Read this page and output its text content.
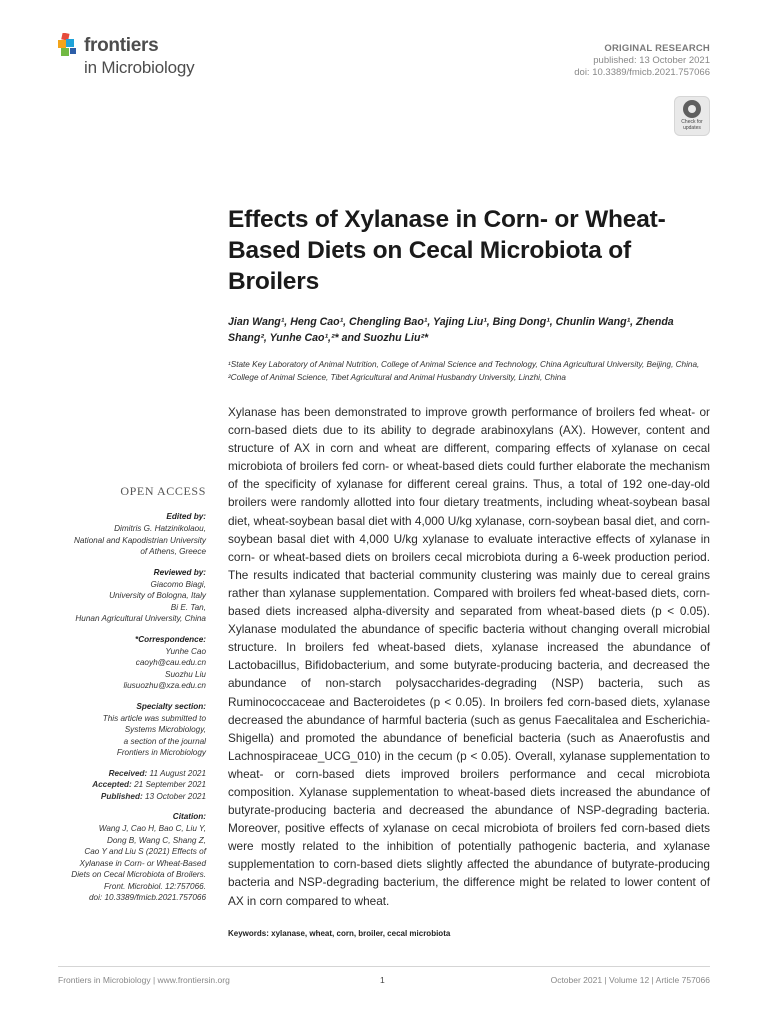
frontiers
in Microbiology
ORIGINAL RESEARCH
published: 13 October 2021
doi: 10.3389/fmicb.2021.757066
Check for
updates
Effects of Xylanase in Corn- or Wheat-Based Diets on Cecal Microbiota of Broilers
Jian Wang¹, Heng Cao¹, Chengling Bao¹, Yajing Liu¹, Bing Dong¹, Chunlin Wang¹, Zhenda Shang², Yunhe Cao¹,²* and Suozhu Liu²*
¹State Key Laboratory of Animal Nutrition, College of Animal Science and Technology, China Agricultural University, Beijing, China, ²College of Animal Science, Tibet Agricultural and Animal Husbandry University, Linzhi, China

Xylanase has been demonstrated to improve growth performance of broilers fed wheat- or corn-based diets due to its ability to degrade arabinoxylans (AX). However, content and structure of AX in corn and wheat are different, comparing effects of xylanase on cecal microbiota of broilers fed corn- or wheat-based diets could further elaborate the mechanism of the specificity of xylanase for different cereal grains. Thus, a total of 192 one-day-old broilers were randomly allotted into four dietary treatments, including wheat-soybean basal diet, wheat-soybean basal diet with 4,000 U/kg xylanase, corn-soybean basal diet, and corn-soybean basal diet with 4,000 U/kg xylanase to evaluate interactive effects of xylanase in corn- or wheat-based diets on broilers cecal microbiota during a 6-week production period. The results indicated that bacterial community clustering was mainly due to cereal grains rather than xylanase supplementation. Compared with broilers fed wheat-based diets, corn-based diets increased alpha-diversity and separated from wheat-based diets (p < 0.05). Xylanase modulated the abundance of specific bacteria without changing overall microbial structure. In broilers fed wheat-based diets, xylanase increased the abundance of Lactobacillus, Bifidobacterium, and some butyrate-producing bacteria, and decreased the abundance of non-starch polysaccharides-degrading (NSP) bacteria, such as Ruminococcaceae and Bacteroidetes (p < 0.05). In broilers fed corn-based diets, xylanase decreased the abundance of harmful bacteria (such as genus Faecalitalea and Escherichia-Shigella) and promoted the abundance of beneficial bacteria (such as Anaerofustis and Lachnospiraceae_UCG_010) in the cecum (p < 0.05). Overall, xylanase supplementation to wheat- or corn-based diets improved broilers performance and cecal microbiota composition. Xylanase supplementation to wheat-based diets increased the abundance of butyrate-producing bacteria and decreased the abundance of NSP-degrading bacteria. Moreover, positive effects of xylanase on cecal microbiota of broilers fed corn-based diets were mostly related to the inhibition of potentially pathogenic bacteria, and xylanase supplementation to corn-based diets slightly affected the abundance of butyrate-producing bacteria and NSP-degrading bacterium, the difference might be related to lower content of AX in corn compared to wheat.

Keywords: xylanase, wheat, corn, broiler, cecal microbiota
OPEN ACCESS
Edited by:
Dimitris G. Hatzinikolaou,
National and Kapodistrian University
of Athens, Greece
Reviewed by:
Giacomo Biagi,
University of Bologna, Italy
Bi E. Tan,
Hunan Agricultural University, China
*Correspondence:
Yunhe Cao
caoyh@cau.edu.cn
Suozhu Liu
liusuozhu@xza.edu.cn
Specialty section:
This article was submitted to
Systems Microbiology,
a section of the journal
Frontiers in Microbiology
Received: 11 August 2021
Accepted: 21 September 2021
Published: 13 October 2021
Citation:
Wang J, Cao H, Bao C, Liu Y,
Dong B, Wang C, Shang Z,
Cao Y and Liu S (2021) Effects of
Xylanase in Corn- or Wheat-Based
Diets on Cecal Microbiota of Broilers.
Front. Microbiol. 12:757066.
doi: 10.3389/fmicb.2021.757066
Frontiers in Microbiology | www.frontiersin.org	1	October 2021 | Volume 12 | Article 757066
